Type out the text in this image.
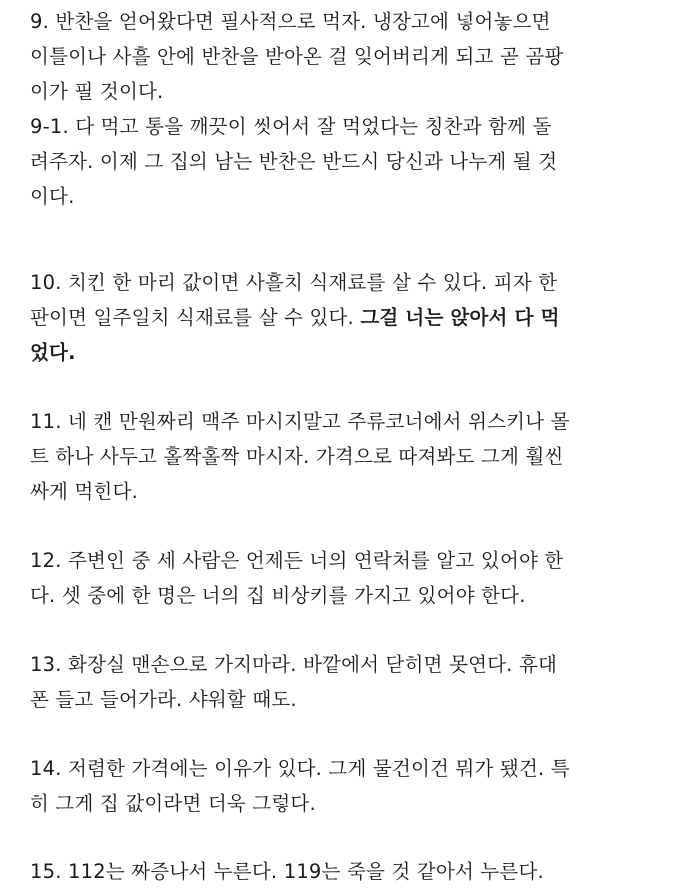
9. 반찬을 얻어왔다면 필사적으로 먹자. 냉장고에 넣어놓으면
이틀이나 사흘 안에 반찬을 받아온 걸 잊어버리게 되고 곧 곰팡
이가 필 것이다.
9-1. 다 먹고 통을 깨끗이 씻어서 잘 먹었다는 칭찬과 함께 돌
려주자. 이제 그 집의 남는 반찬은 반드시 당신과 나누게 될 것
이다.

10. 치킨 한 마리 값이면 사흘치 식재료를 살 수 있다. 피자 한
판이면 일주일치 식재료를 살 수 있다. 그걸 너는 앉아서 다 먹
었다.

11. 네 캔 만원짜리 맥주 마시지말고 주류코너에서 위스키나 몰
트 하나 사두고 홀짝홀짝 마시자. 가격으로 따져봐도 그게 훨씬
싸게 먹힌다.

12. 주변인 중 세 사람은 언제든 너의 연락처를 알고 있어야 한
다. 셋 중에 한 명은 너의 집 비상키를 가지고 있어야 한다.

13. 화장실 맨손으로 가지마라. 바깥에서 닫히면 못연다. 휴대
폰 들고 들어가라. 샤워할 때도.

14. 저렴한 가격에는 이유가 있다. 그게 물건이건 뭐가 됐건. 특
히 그게 집 값이라면 더욱 그렇다.

15. 112는 짜증나서 누른다. 119는 죽을 것 같아서 누른다.
